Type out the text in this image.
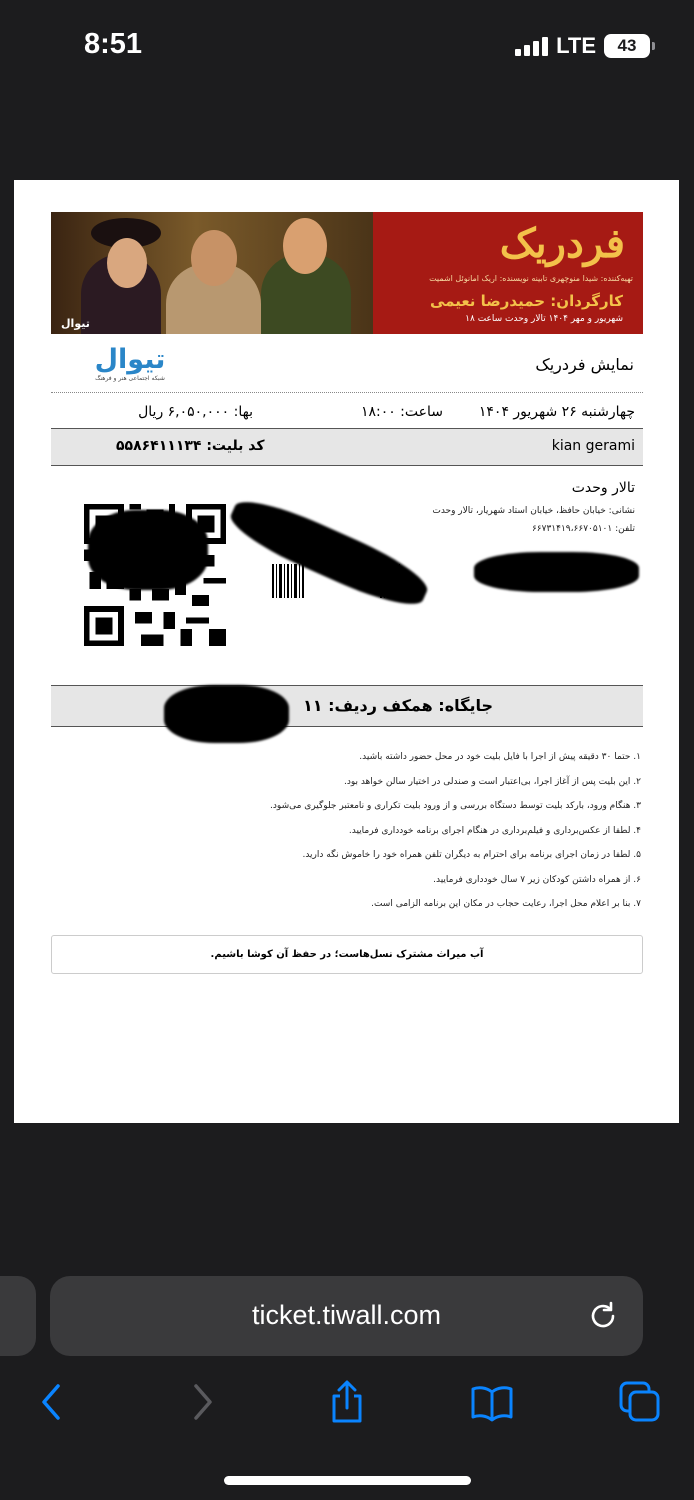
8:51	LTE	43
تیوال
فردریک
تهیه‌کننده: شیدا منوچهری تابینه نویسنده: اریک امانوئل اشمیت
کارگردان: حمیدرضا نعیمی
شهریور و مهر ۱۴۰۴ تالار وحدت ساعت ۱۸
تیوال
شبکه اجتماعی هنر و فرهنگ
نمایش فردریک
چهارشنبه ۲۶ شهریور ۱۴۰۴
ساعت: ۱۸:۰۰
بها: ۶,۰۵۰,۰۰۰ ریال
kian gerami
کد بلیت: ۵۵۸۶۴۱۱۱۳۴
تالار وحدت
نشانی: خیابان حافظ، خیابان استاد شهریار، تالار وحدت
تلفن: ۶۶۷۳۱۴۱۹،۶۶۷۰۵۱۰۱
جایگاه: همکف ردیف: ۱۱
۱. حتما ۳۰ دقیقه پیش از اجرا با فایل بلیت خود در محل حضور داشته باشید.
۲. این بلیت پس از آغاز اجرا، بی‌اعتبار است و صندلی در اختیار سالن خواهد بود.
۳. هنگام ورود، بارکد بلیت توسط دستگاه بررسی و از ورود بلیت تکراری و نامعتبر جلوگیری می‌شود.
۴. لطفا از عکس‌برداری و فیلم‌برداری در هنگام اجرای برنامه خودداری فرمایید.
۵. لطفا در زمان اجرای برنامه برای احترام به دیگران تلفن همراه خود را خاموش نگه دارید.
۶. از همراه داشتن کودکان زیر ۷ سال خودداری فرمایید.
۷. بنا بر اعلام محل اجرا، رعایت حجاب در مکان این برنامه الزامی است.
آب میراث مشترک نسل‌هاست؛ در حفظ آن کوشا باشیم.
ticket.tiwall.com
